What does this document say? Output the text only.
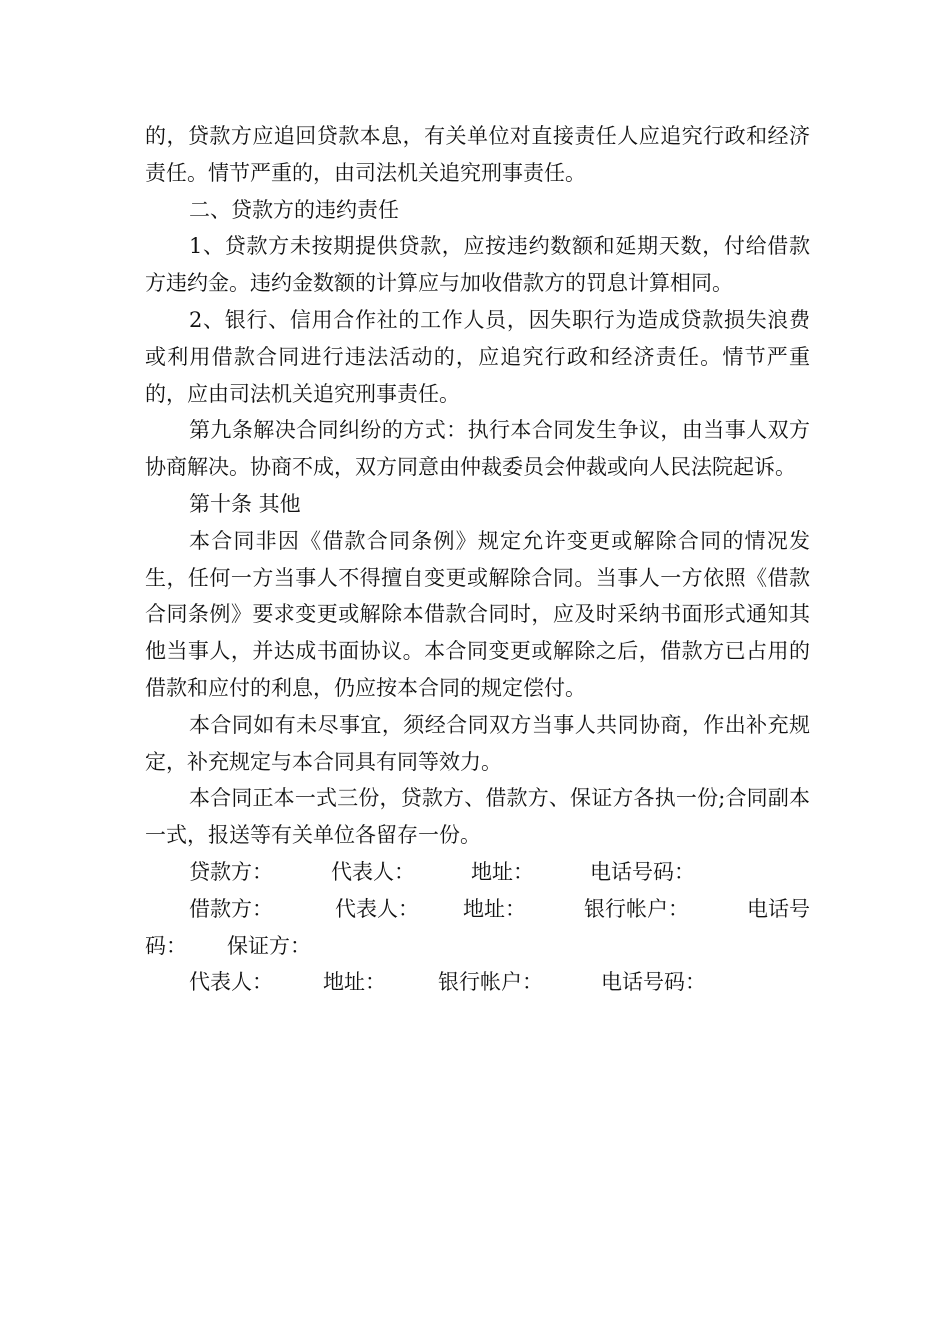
的，贷款方应追回贷款本息，有关单位对直接责任人应追究行政和经济责任。情节严重的，由司法机关追究刑事责任。

二、贷款方的违约责任

1、贷款方未按期提供贷款，应按违约数额和延期天数，付给借款方违约金。违约金数额的计算应与加收借款方的罚息计算相同。

2、银行、信用合作社的工作人员，因失职行为造成贷款损失浪费或利用借款合同进行违法活动的，应追究行政和经济责任。情节严重的，应由司法机关追究刑事责任。

第九条解决合同纠纷的方式：执行本合同发生争议，由当事人双方协商解决。协商不成，双方同意由仲裁委员会仲裁或向人民法院起诉。

第十条 其他

本合同非因《借款合同条例》规定允许变更或解除合同的情况发生，任何一方当事人不得擅自变更或解除合同。当事人一方依照《借款合同条例》要求变更或解除本借款合同时，应及时采纳书面形式通知其他当事人，并达成书面协议。本合同变更或解除之后，借款方已占用的借款和应付的利息，仍应按本合同的规定偿付。

本合同如有未尽事宜，须经合同双方当事人共同协商，作出补充规定，补充规定与本合同具有同等效力。

本合同正本一式三份，贷款方、借款方、保证方各执一份;合同副本一式，报送等有关单位各留存一份。

贷款方：	代表人：	地址：	电话号码：
借款方：	代表人： 地址：	银行帐户：	电话号
码： 保证方：
代表人： 地址： 银行帐户：	电话号码：
